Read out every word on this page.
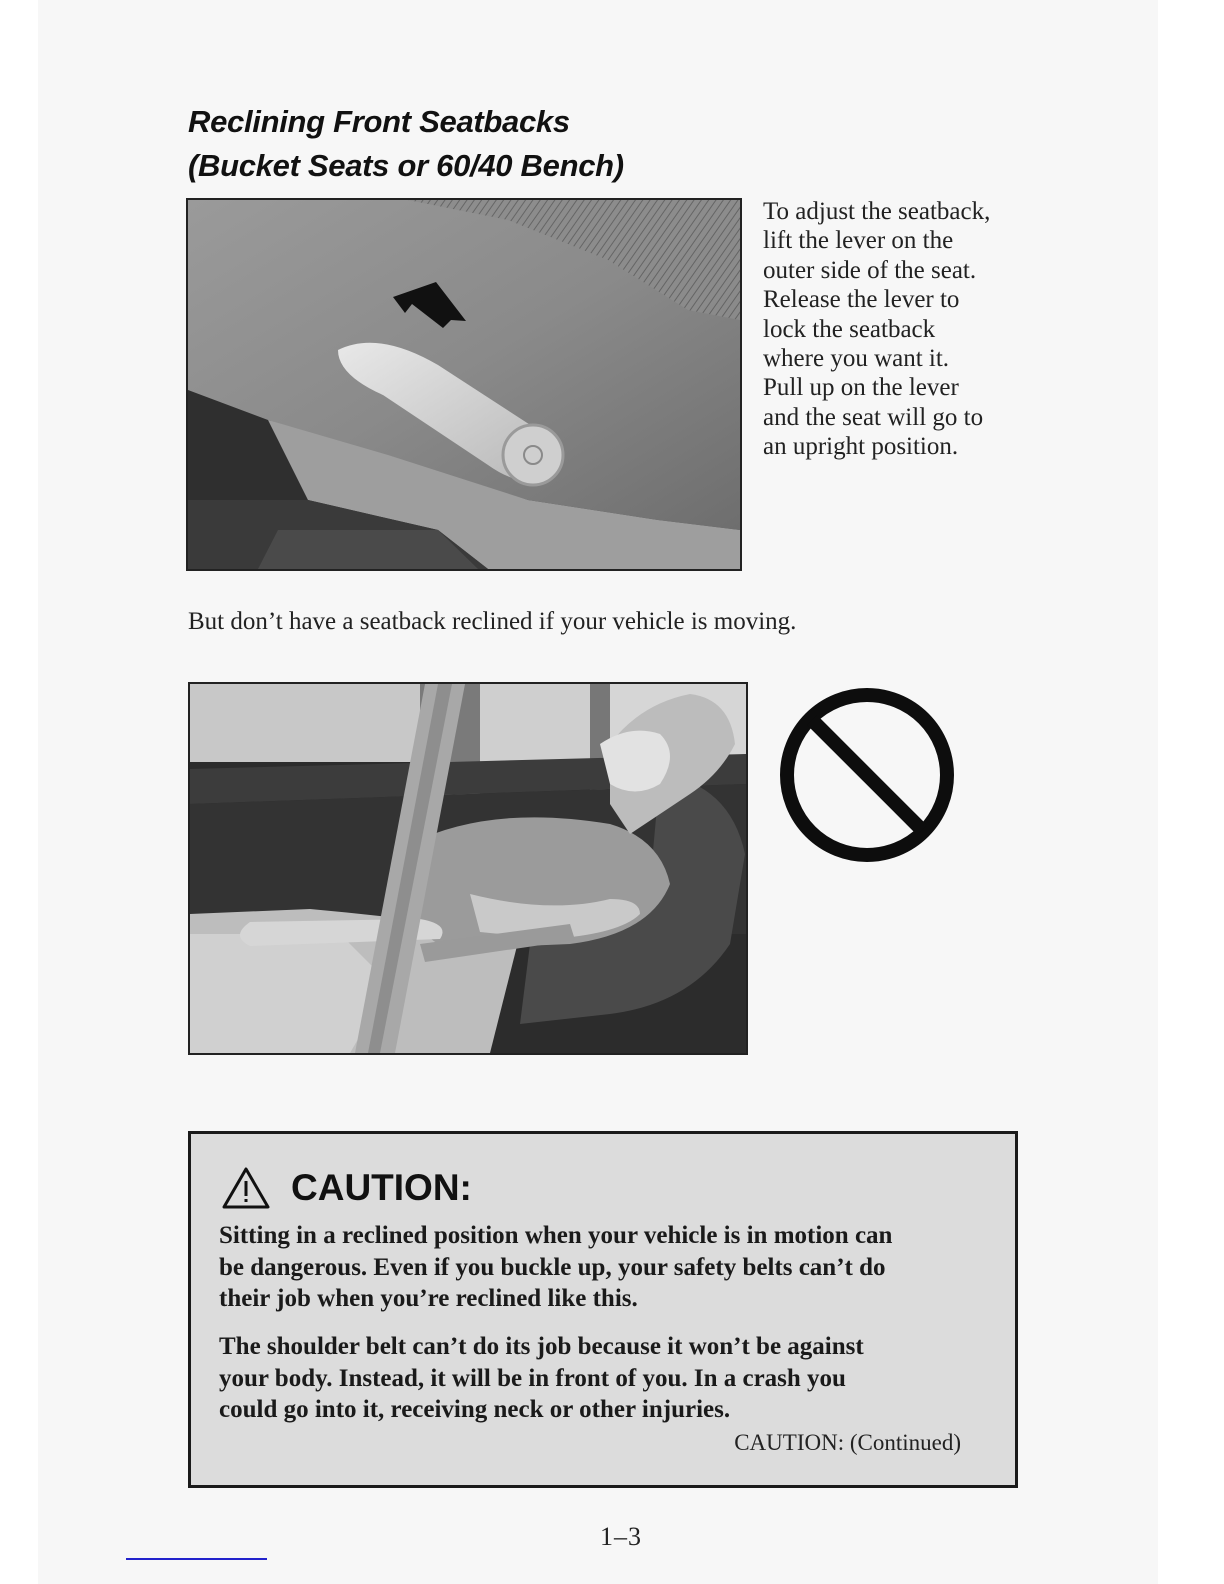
Reclining Front Seatbacks
(Bucket Seats or 60/40 Bench)
To adjust the seatback,
lift the lever on the
outer side of the seat.
Release the lever to
lock the seatback
where you want it.
Pull up on the lever
and the seat will go to
an upright position.
But don’t have a seatback reclined if your vehicle is moving.
CAUTION:

Sitting in a reclined position when your vehicle is in motion can
be dangerous. Even if you buckle up, your safety belts can’t do
their job when you’re reclined like this.

The shoulder belt can’t do its job because it won’t be against
your body. Instead, it will be in front of you. In a crash you
could go into it, receiving neck or other injuries.

CAUTION: (Continued)
1–3
